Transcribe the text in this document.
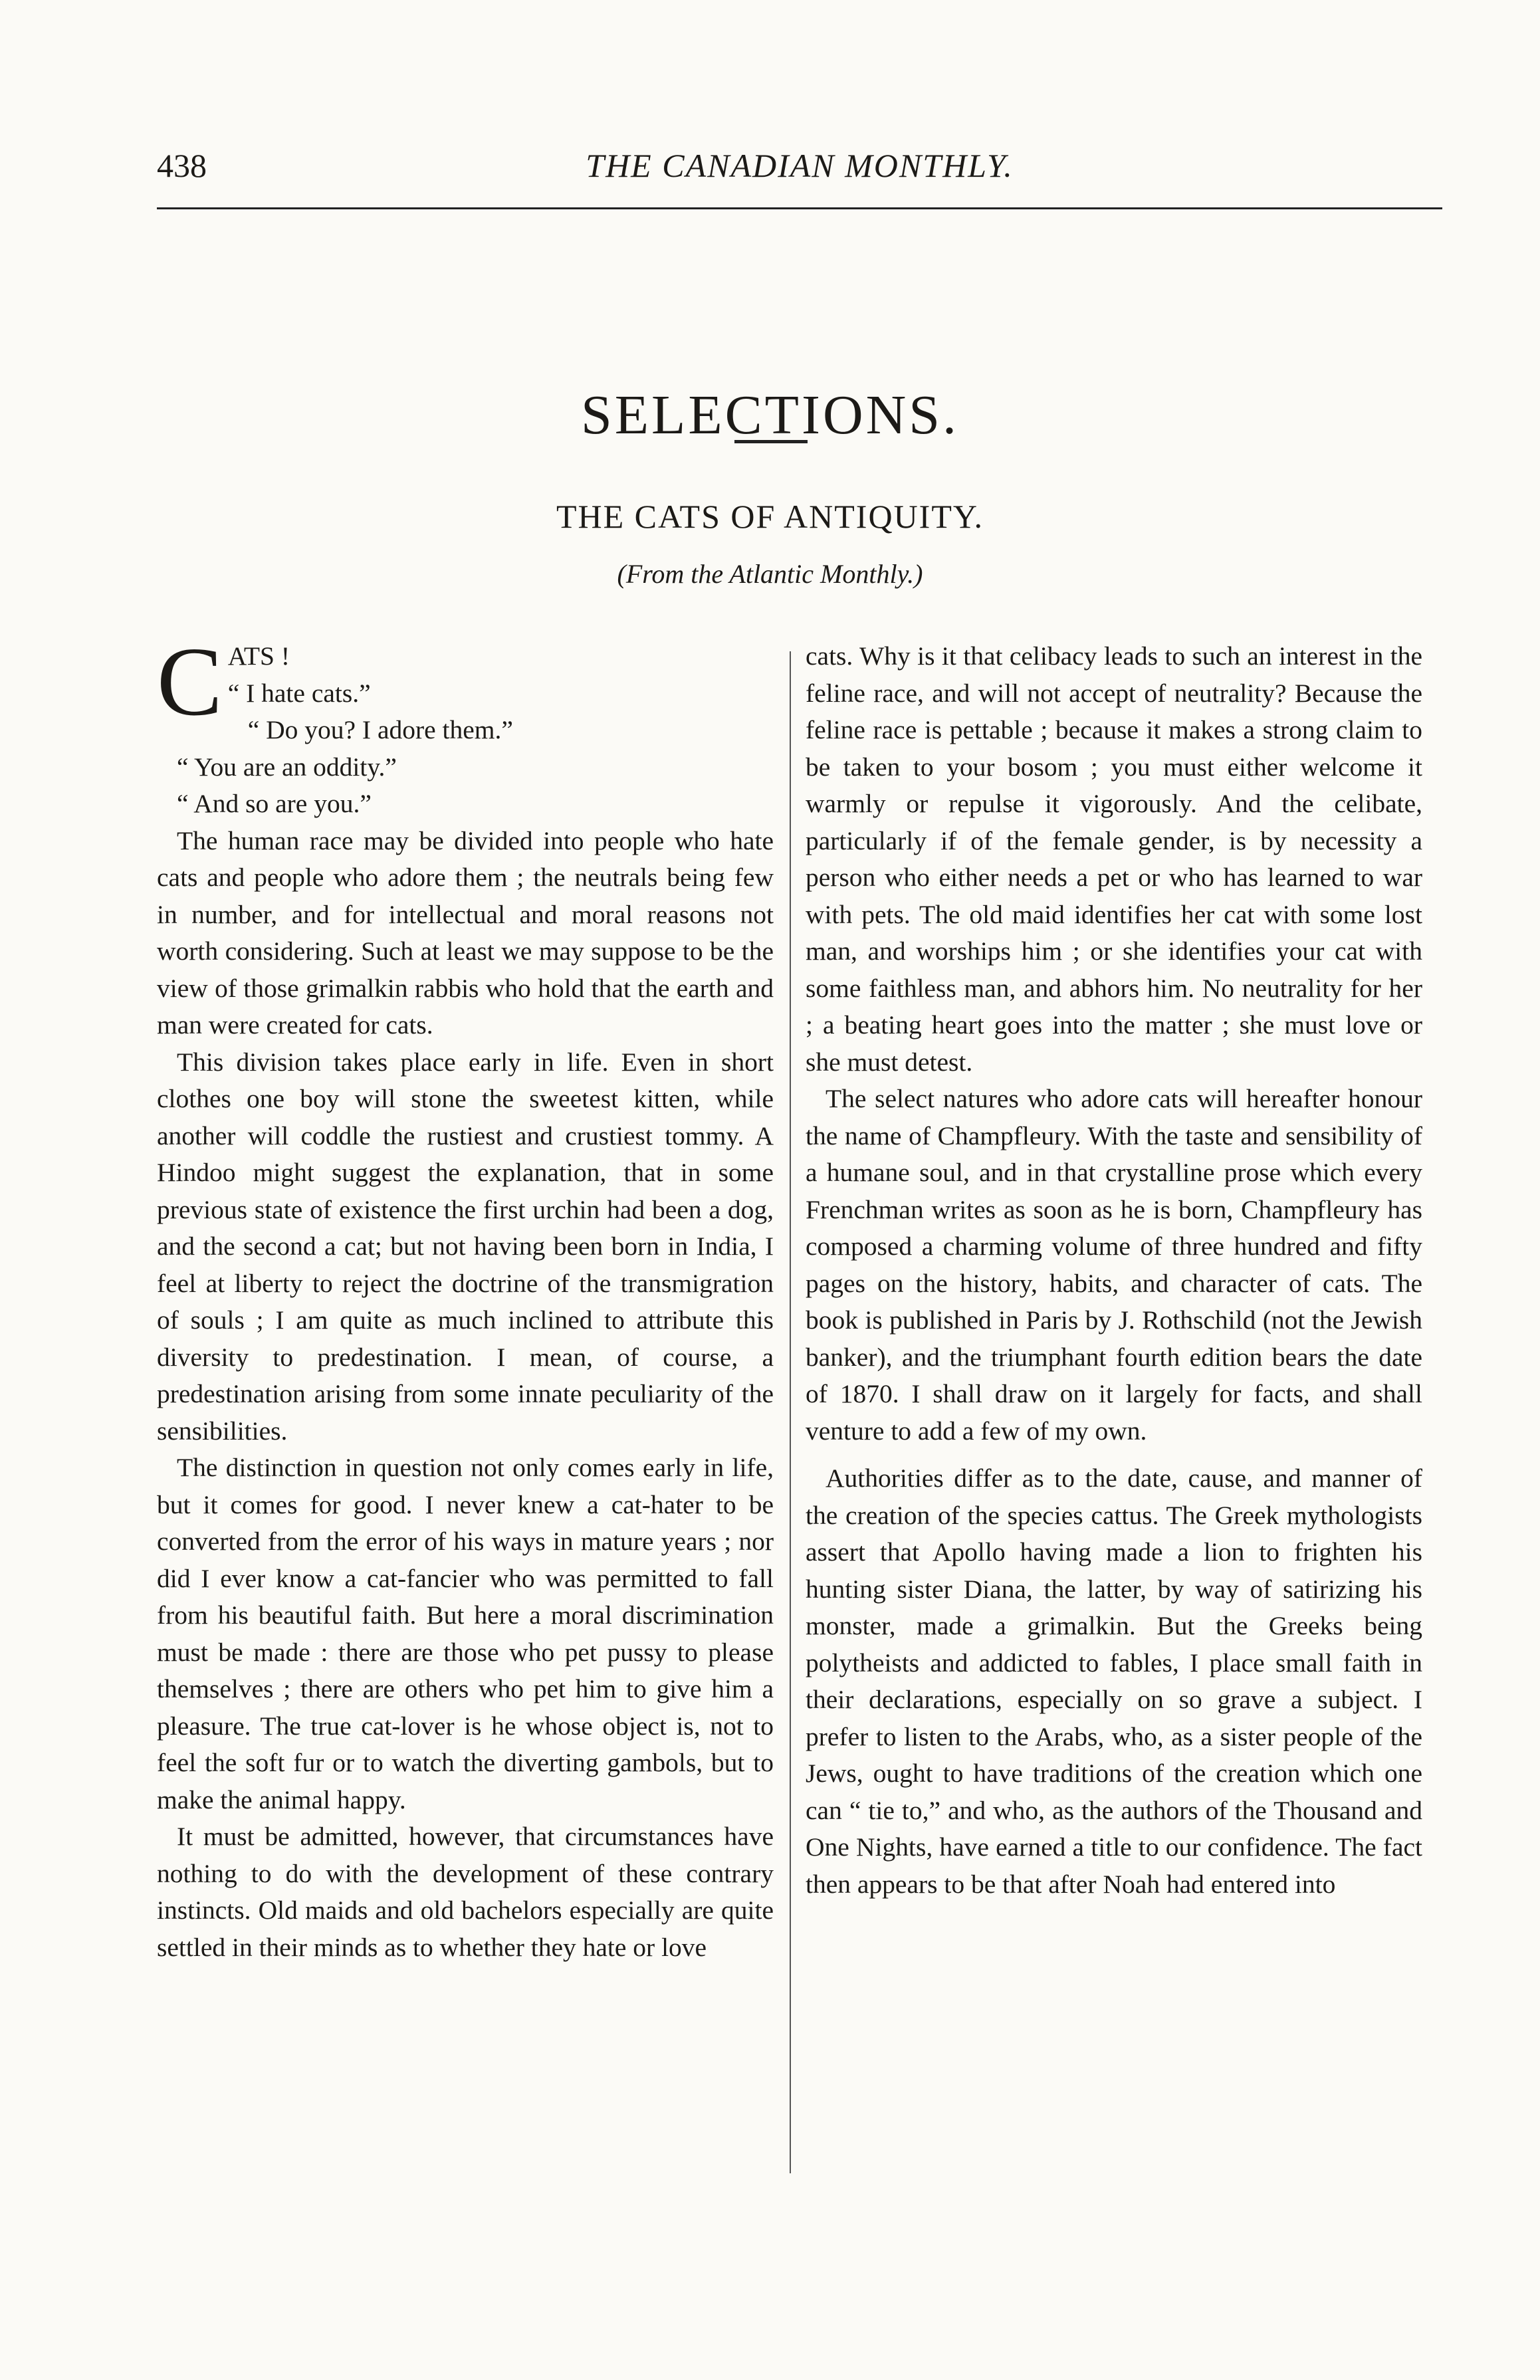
438	THE CANADIAN MONTHLY.
SELECTIONS.
THE CATS OF ANTIQUITY.
(From the Atlantic Monthly.)
C ATS !

“ I hate cats.”

“ Do you? I adore them.”

“ You are an oddity.”

“ And so are you.”

The human race may be divided into people who hate cats and people who adore them ; the neutrals being few in number, and for intellectual and moral reasons not worth considering. Such at least we may suppose to be the view of those grimalkin rabbis who hold that the earth and man were created for cats.

This division takes place early in life. Even in short clothes one boy will stone the sweetest kitten, while another will coddle the rustiest and crustiest tommy. A Hindoo might suggest the explanation, that in some previous state of existence the first urchin had been a dog, and the second a cat; but not having been born in India, I feel at liberty to reject the doctrine of the transmigration of souls ; I am quite as much inclined to attribute this diversity to predestination. I mean, of course, a predestination arising from some innate peculiarity of the sensibilities.

The distinction in question not only comes early in life, but it comes for good. I never knew a cat-hater to be converted from the error of his ways in mature years ; nor did I ever know a cat-fancier who was permitted to fall from his beautiful faith. But here a moral discrimination must be made : there are those who pet pussy to please themselves ; there are others who pet him to give him a pleasure. The true cat-lover is he whose object is, not to feel the soft fur or to watch the diverting gambols, but to make the animal happy.

It must be admitted, however, that circumstances have nothing to do with the development of these contrary instincts. Old maids and old bachelors especially are quite settled in their minds as to whether they hate or love

cats. Why is it that celibacy leads to such an interest in the feline race, and will not accept of neutrality? Because the feline race is pettable ; because it makes a strong claim to be taken to your bosom ; you must either welcome it warmly or repulse it vigorously. And the celibate, particularly if of the female gender, is by necessity a person who either needs a pet or who has learned to war with pets. The old maid identifies her cat with some lost man, and worships him ; or she identifies your cat with some faithless man, and abhors him. No neutrality for her ; a beating heart goes into the matter ; she must love or she must detest.

The select natures who adore cats will hereafter honour the name of Champfleury. With the taste and sensibility of a humane soul, and in that crystalline prose which every Frenchman writes as soon as he is born, Champfleury has composed a charming volume of three hundred and fifty pages on the history, habits, and character of cats. The book is published in Paris by J. Rothschild (not the Jewish banker), and the triumphant fourth edition bears the date of 1870. I shall draw on it largely for facts, and shall venture to add a few of my own.

Authorities differ as to the date, cause, and manner of the creation of the species cattus. The Greek mythologists assert that Apollo having made a lion to frighten his hunting sister Diana, the latter, by way of satirizing his monster, made a grimalkin. But the Greeks being polytheists and addicted to fables, I place small faith in their declarations, especially on so grave a subject. I prefer to listen to the Arabs, who, as a sister people of the Jews, ought to have traditions of the creation which one can “ tie to,” and who, as the authors of the Thousand and One Nights, have earned a title to our confidence. The fact then appears to be that after Noah had entered into
